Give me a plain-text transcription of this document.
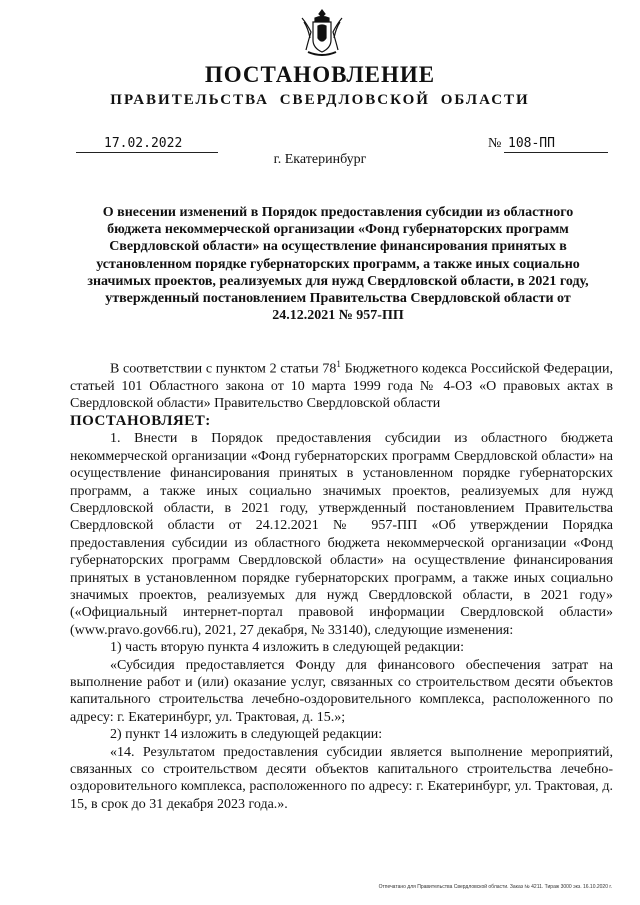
ПОСТАНОВЛЕНИЕ
ПРАВИТЕЛЬСТВА СВЕРДЛОВСКОЙ ОБЛАСТИ
17.02.2022	№ 108-ПП
г. Екатеринбург

О внесении изменений в Порядок предоставления субсидии из областного бюджета некоммерческой организации «Фонд губернаторских программ Свердловской области» на осуществление финансирования принятых в установленном порядке губернаторских программ, а также иных социально значимых проектов, реализуемых для нужд Свердловской области, в 2021 году, утвержденный постановлением Правительства Свердловской области от 24.12.2021 № 957-ПП

В соответствии с пунктом 2 статьи $78^1$ Бюджетного кодекса Российской Федерации, статьей 101 Областного закона от 10 марта 1999 года № 4-ОЗ «О правовых актах в Свердловской области» Правительство Свердловской области

ПОСТАНОВЛЯЕТ:

1. Внести в Порядок предоставления субсидии из областного бюджета некоммерческой организации «Фонд губернаторских программ Свердловской области» на осуществление финансирования принятых в установленном порядке губернаторских программ, а также иных социально значимых проектов, реализуемых для нужд Свердловской области, в 2021 году, утвержденный постановлением Правительства Свердловской области от 24.12.2021 № 957-ПП «Об утверждении Порядка предоставления субсидии из областного бюджета некоммерческой организации «Фонд губернаторских программ Свердловской области» на осуществление финансирования принятых в установленном порядке губернаторских программ, а также иных социально значимых проектов, реализуемых для нужд Свердловской области, в 2021 году» («Официальный интернет-портал правовой информации Свердловской области» (www.pravo.gov66.ru), 2021, 27 декабря, № 33140), следующие изменения:

1) часть вторую пункта 4 изложить в следующей редакции:

«Субсидия предоставляется Фонду для финансового обеспечения затрат на выполнение работ и (или) оказание услуг, связанных со строительством десяти объектов капитального строительства лечебно-оздоровительного комплекса, расположенного по адресу: г. Екатеринбург, ул. Трактовая, д. 15.»;

2) пункт 14 изложить в следующей редакции:

«14. Результатом предоставления субсидии является выполнение мероприятий, связанных со строительством десяти объектов капитального строительства лечебно-оздоровительного комплекса, расположенного по адресу: г. Екатеринбург, ул. Трактовая, д. 15, в срок до 31 декабря 2023 года.».

Отпечатано для Правительства Свердловской области. Заказ № 4211. Тираж 3000 экз. 16.10.2020 г.
